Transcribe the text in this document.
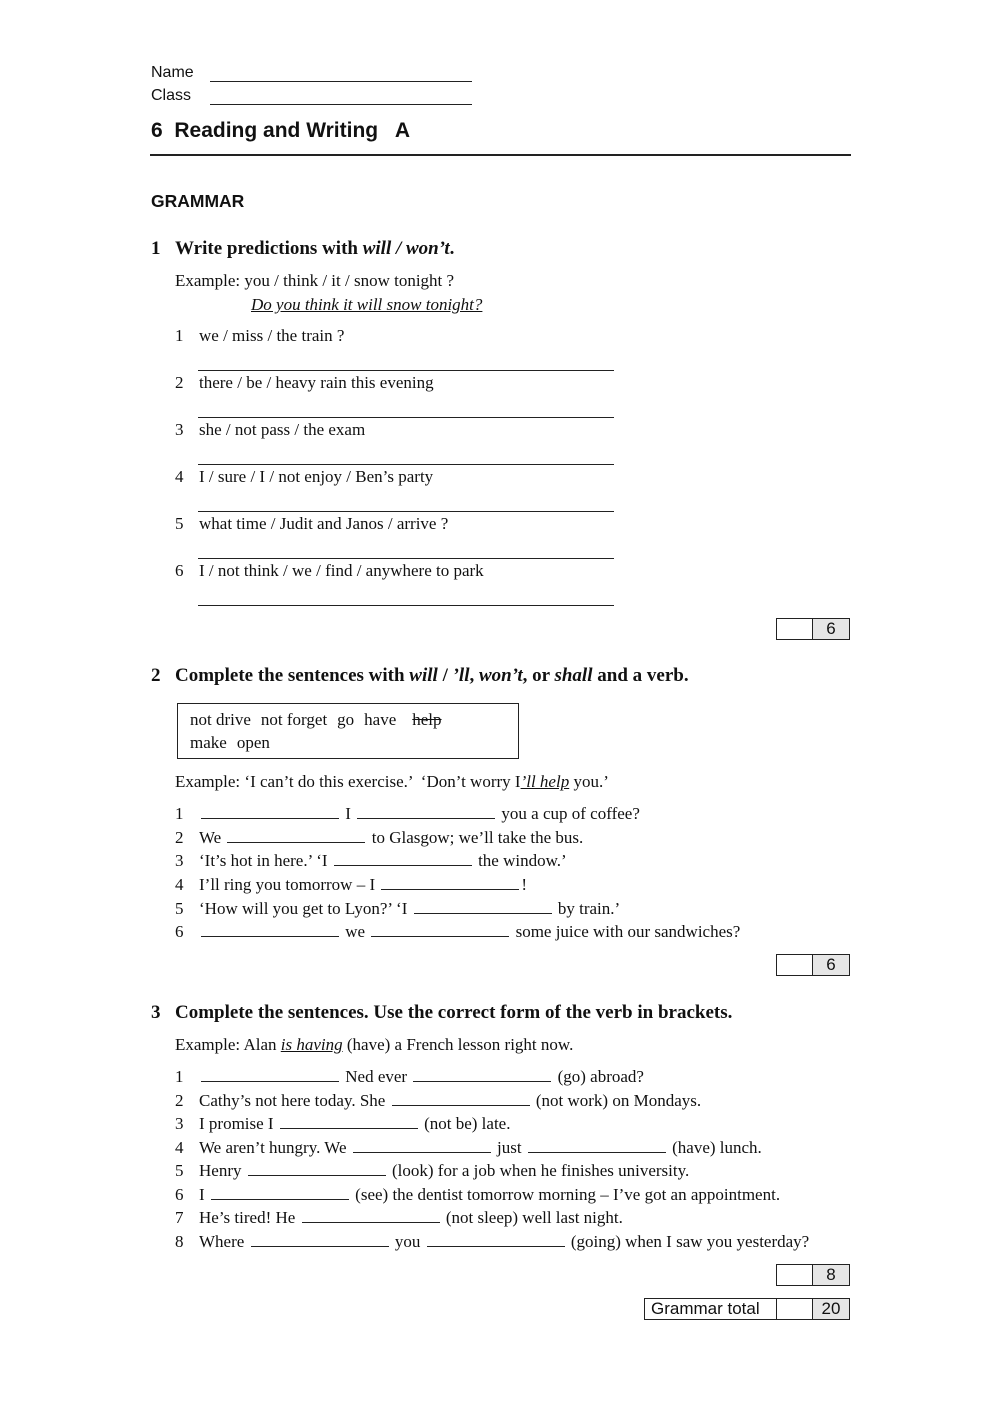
Name
Class
6  Reading and Writing   A
GRAMMAR
1 Write predictions with will / won’t.
Example: you / think / it / snow tonight ?
Do you think it will snow tonight?
1 we / miss / the train ?
2 there / be / heavy rain this evening
3 she / not pass / the exam
4 I / sure / I / not enjoy / Ben’s party
5 what time / Judit and Janos / arrive ?
6 I / not think / we / find / anywhere to park
6
2 Complete the sentences with will / ’ll, won’t, or shall and a verb.
not drive not forget go have help
make open
Example: ‘I can’t do this exercise.’  ‘Don’t worry I’ll help you.’
1	I	you a cup of coffee?
2 We	to Glasgow; we’ll take the bus.
3 ‘It’s hot in here.’ ‘I	the window.’
4 I’ll ring you tomorrow – I	!
5 ‘How will you get to Lyon?’ ‘I	by train.’
6	we	some juice with our sandwiches?
6
3 Complete the sentences. Use the correct form of the verb in brackets.
Example: Alan is having (have) a French lesson right now.
1	Ned ever	(go) abroad?
2 Cathy’s not here today. She	(not work) on Mondays.
3 I promise I	(not be) late.
4 We aren’t hungry. We	just	(have) lunch.
5 Henry	(look) for a job when he finishes university.
6 I	(see) the dentist tomorrow morning – I’ve got an appointment.
7 He’s tired! He	(not sleep) well last night.
8 Where	you	(going) when I saw you yesterday?
8
Grammar total	20
